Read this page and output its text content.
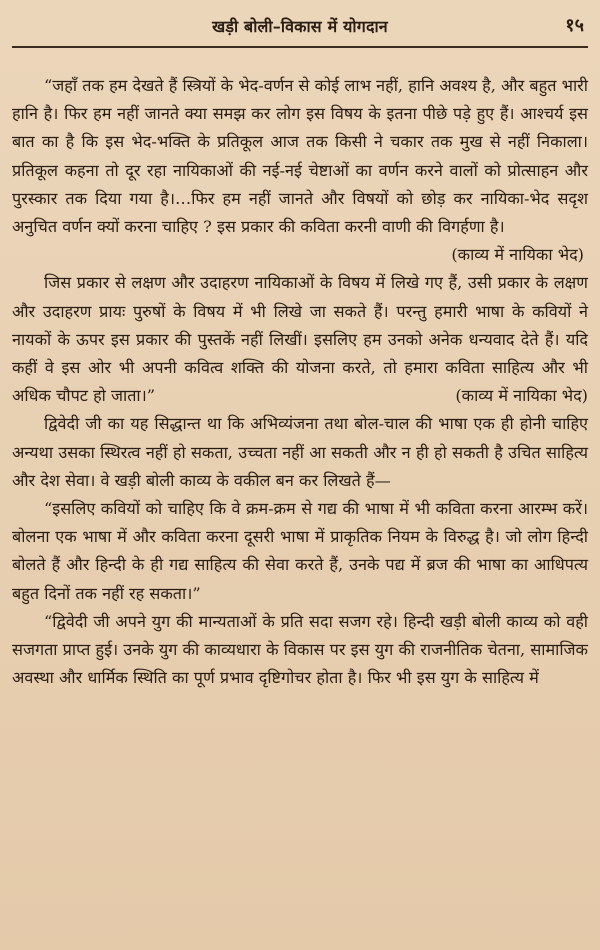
खड़ी बोली–विकास में योगदान	१५

“जहाँ तक हम देखते हैं स्त्रियों के भेद-वर्णन से कोई लाभ नहीं, हानि अवश्य है, और बहुत भारी हानि है। फिर हम नहीं जानते क्या समझ कर लोग इस विषय के इतना पीछे पड़े हुए हैं। आश्चर्य इस बात का है कि इस भेद-भक्ति के प्रतिकूल आज तक किसी ने चकार तक मुख से नहीं निकाला। प्रतिकूल कहना तो दूर रहा नायिकाओं की नई-नई चेष्टाओं का वर्णन करने वालों को प्रोत्साहन और पुरस्कार तक दिया गया है।…फिर हम नहीं जानते और विषयों को छोड़ कर नायिका-भेद सदृश अनुचित वर्णन क्यों करना चाहिए ? इस प्रकार की कविता करनी वाणी की विगर्हणा है।

(काव्य में नायिका भेद)

जिस प्रकार से लक्षण और उदाहरण नायिकाओं के विषय में लिखे गए हैं, उसी प्रकार के लक्षण और उदाहरण प्रायः पुरुषों के विषय में भी लिखे जा सकते हैं। परन्तु हमारी भाषा के कवियों ने नायकों के ऊपर इस प्रकार की पुस्तकें नहीं लिखीं। इसलिए हम उनको अनेक धन्यवाद देते हैं। यदि कहीं वे इस ओर भी अपनी कवित्व शक्ति की योजना करते, तो हमारा कविता साहित्य और भी अधिक चौपट हो जाता।”	(काव्य में नायिका भेद)

द्विवेदी जी का यह सिद्धान्त था कि अभिव्यंजना तथा बोल-चाल की भाषा एक ही होनी चाहिए अन्यथा उसका स्थिरत्व नहीं हो सकता, उच्चता नहीं आ सकती और न ही हो सकती है उचित साहित्य और देश सेवा। वे खड़ी बोली काव्य के वकील बन कर लिखते हैं—

“इसलिए कवियों को चाहिए कि वे क्रम-क्रम से गद्य की भाषा में भी कविता करना आरम्भ करें। बोलना एक भाषा में और कविता करना दूसरी भाषा में प्राकृतिक नियम के विरुद्ध है। जो लोग हिन्दी बोलते हैं और हिन्दी के ही गद्य साहित्य की सेवा करते हैं, उनके पद्य में ब्रज की भाषा का आधिपत्य बहुत दिनों तक नहीं रह सकता।”

“द्विवेदी जी अपने युग की मान्यताओं के प्रति सदा सजग रहे। हिन्दी खड़ी बोली काव्य को वही सजगता प्राप्त हुई। उनके युग की काव्यधारा के विकास पर इस युग की राजनीतिक चेतना, सामाजिक अवस्था और धार्मिक स्थिति का पूर्ण प्रभाव दृष्टिगोचर होता है। फिर भी इस युग के साहित्य में
